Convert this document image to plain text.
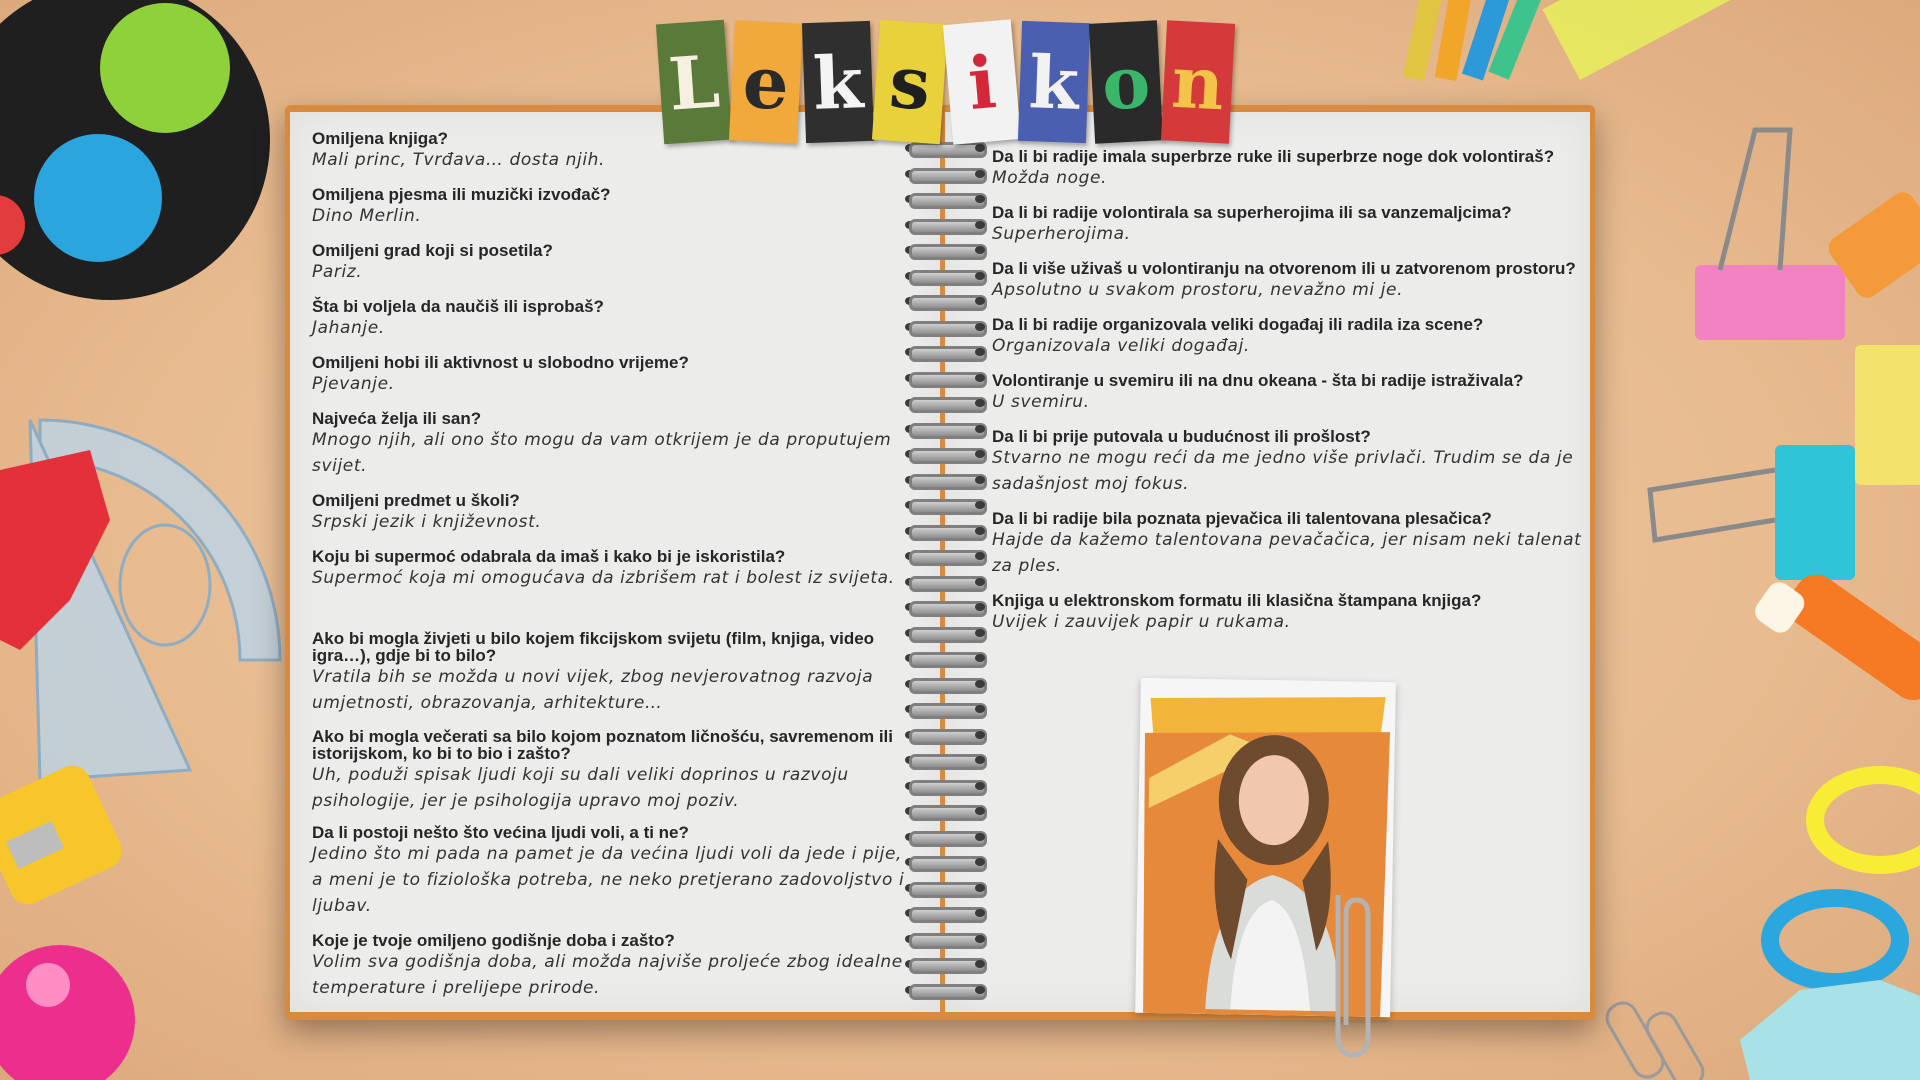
L e k s i k o n
Omiljena knjiga?
Mali princ, Tvrđava… dosta njih.
Omiljena pjesma ili muzički izvođač?
Dino Merlin.
Omiljeni grad koji si posetila?
Pariz.
Šta bi voljela da naučiš ili isprobaš?
Jahanje.
Omiljeni hobi ili aktivnost u slobodno vrijeme?
Pjevanje.
Najveća želja ili san?
Mnogo njih, ali ono što mogu da vam otkrijem je da proputujem svijet.
Omiljeni predmet u školi?
Srpski jezik i književnost.
Koju bi supermoć odabrala da imaš i kako bi je iskoristila?
Supermoć koja mi omogućava da izbrišem rat i bolest iz svijeta.
Ako bi mogla živjeti u bilo kojem fikcijskom svijetu (film, knjiga, video igra…), gdje bi to bilo?
Vratila bih se možda u novi vijek, zbog nevjerovatnog razvoja umjetnosti, obrazovanja, arhitekture…
Ako bi mogla večerati sa bilo kojom poznatom ličnošću, savremenom ili istorijskom, ko bi to bio i zašto?
Uh, poduži spisak ljudi koji su dali veliki doprinos u razvoju psihologije, jer je psihologija upravo moj poziv.
Da li postoji nešto što većina ljudi voli, a ti ne?
Jedino što mi pada na pamet je da većina ljudi voli da jede i pije, a meni je to fiziološka potreba, ne neko pretjerano zadovoljstvo i ljubav.
Koje je tvoje omiljeno godišnje doba i zašto?
Volim sva godišnja doba, ali možda najviše proljeće zbog idealne temperature i prelijepe prirode.
Da li bi radije imala superbrze ruke ili superbrze noge dok volontiraš?
Možda noge.
Da li bi radije volontirala sa superherojima ili sa vanzemaljcima?
Superherojima.
Da li više uživaš u volontiranju na otvorenom ili u zatvorenom prostoru?
Apsolutno u svakom prostoru, nevažno mi je.
Da li bi radije organizovala veliki događaj ili radila iza scene?
Organizovala veliki događaj.
Volontiranje u svemiru ili na dnu okeana - šta bi radije istraživala?
U svemiru.
Da li bi prije putovala u budućnost ili prošlost?
Stvarno ne mogu reći da me jedno više privlači. Trudim se da je sadašnjost moj fokus.
Da li bi radije bila poznata pjevačica ili talentovana plesačica?
Hajde da kažemo talentovana pevačačica, jer nisam neki talenat za ples.
Knjiga u elektronskom formatu ili klasična štampana knjiga?
Uvijek i zauvijek papir u rukama.
